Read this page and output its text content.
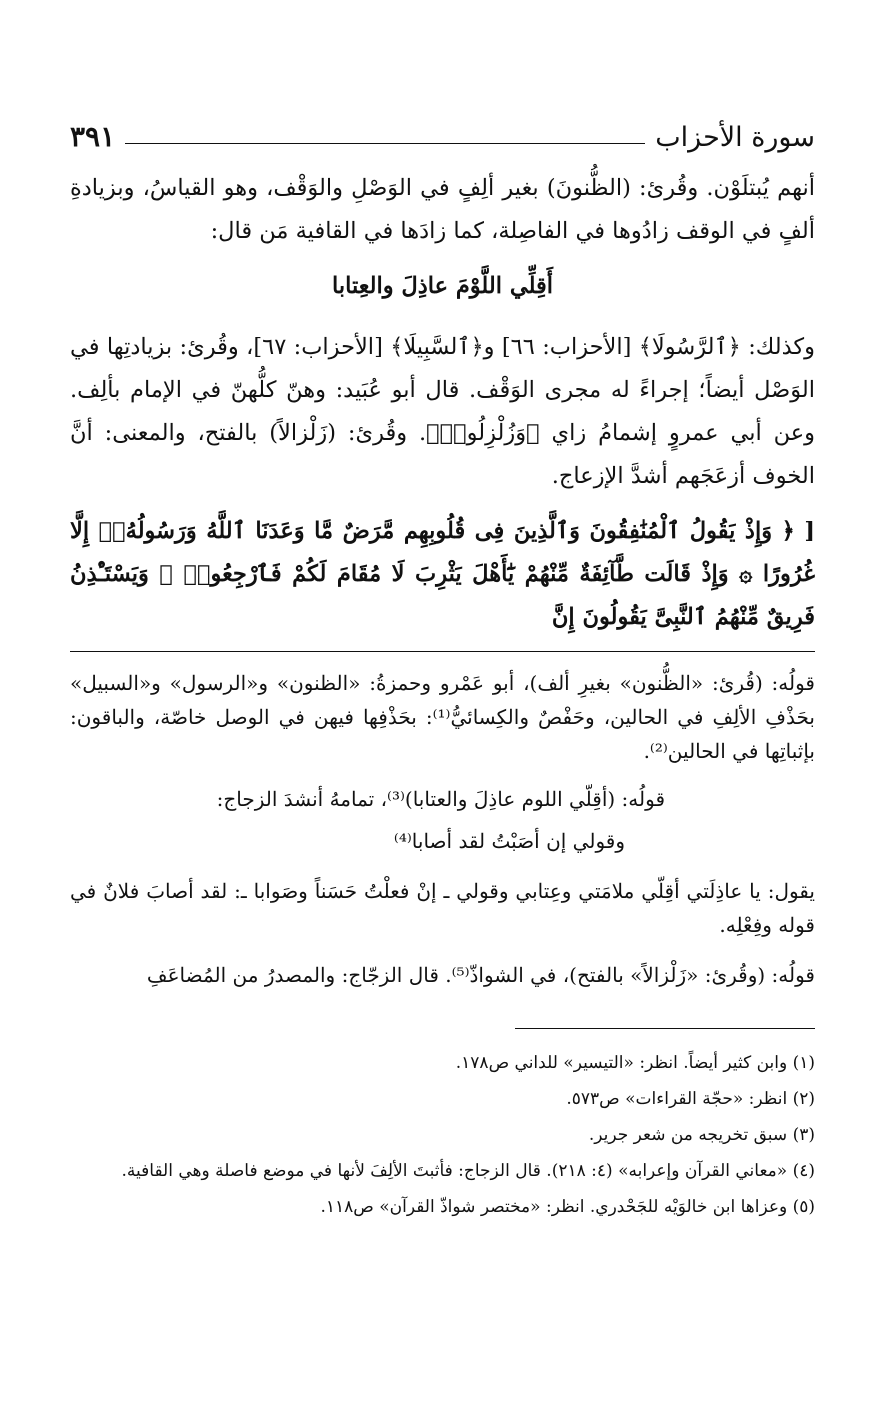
سورة الأحزاب
٣٩١

أنهم يُبتلَوْن. وقُرئ: (الظُّنونَ) بغير ألِفٍ في الوَصْلِ والوَقْف، وهو القياسُ، وبزيادةِ ألفٍ في الوقف زادُوها في الفاصِلة، كما زادَها في القافية مَن قال:

أَقِلِّي اللَّوْمَ عاذِلَ والعِتابا

وكذلك: ﴿ٱلرَّسُولَا﴾ [الأحزاب: ٦٦] و﴿ٱلسَّبِيلَا﴾ [الأحزاب: ٦٧]، وقُرئ: بزيادتِها في الوَصْل أيضاً؛ إجراءً له مجرى الوَقْف. قال أبو عُبَيد: وهنّ كلُّهنّ في الإمام بألِف. وعن أبي عمروٍ إشمامُ زاي ﴿وَزُلْزِلُوا۟﴾. وقُرئ: (زَلْزالاً) بالفتح، والمعنى: أنَّ الخوف أزعَجَهم أشدَّ الإزعاج.

[ ﴿ وَإِذْ يَقُولُ ٱلْمُنَٰفِقُونَ وَٱلَّذِينَ فِى قُلُوبِهِم مَّرَضٌ مَّا وَعَدَنَا ٱللَّهُ وَرَسُولُهُۥٓ إِلَّا غُرُورًا ۞ وَإِذْ قَالَت طَّآئِفَةٌ مِّنْهُمْ يَٰٓأَهْلَ يَثْرِبَ لَا مُقَامَ لَكُمْ فَٱرْجِعُوا۟ ۚ وَيَسْتَـْٔذِنُ فَرِيقٌ مِّنْهُمُ ٱلنَّبِىَّ يَقُولُونَ إِنَّ

قولُه: (قُرئ: «الظُّنون» بغيرِ ألف)، أبو عَمْرو وحمزةُ: «الظنون» و«الرسول» و«السبيل» بحَذْفِ الألِفِ في الحالين، وحَفْصٌ والكِسائيُّ⁽¹⁾: بحَذْفِها فيهن في الوصل خاصّة، والباقون: بإثباتِها في الحالين⁽²⁾.

قولُه: (أقِلّي اللوم عاذِلَ والعتابا)⁽³⁾، تمامهُ أنشدَ الزجاج:

وقولي إن أصَبْتُ لقد أصابا⁽⁴⁾

يقول: يا عاذِلَتي أقِلّي ملامَتي وعِتابي وقولي ـ إنْ فعلْتُ حَسَناً وصَوابا ـ: لقد أصابَ فلانٌ في قوله وفِعْلِه.

قولُه: (وقُرئ: «زَلْزالاً» بالفتح)، في الشواذّ⁽⁵⁾. قال الزجّاج: والمصدرُ من المُضاعَفِ

(١) وابن كثير أيضاً. انظر: «التيسير» للداني ص١٧٨.

(٢) انظر: «حجّة القراءات» ص٥٧٣.

(٣) سبق تخريجه من شعر جرير.

(٤) «معاني القرآن وإعرابه» (٤: ٢١٨). قال الزجاج: فأثبتَ الألِفَ لأنها في موضع فاصلة وهي القافية.

(٥) وعزاها ابن خالوَيْه للجَحْدري. انظر: «مختصر شواذّ القرآن» ص١١٨.
